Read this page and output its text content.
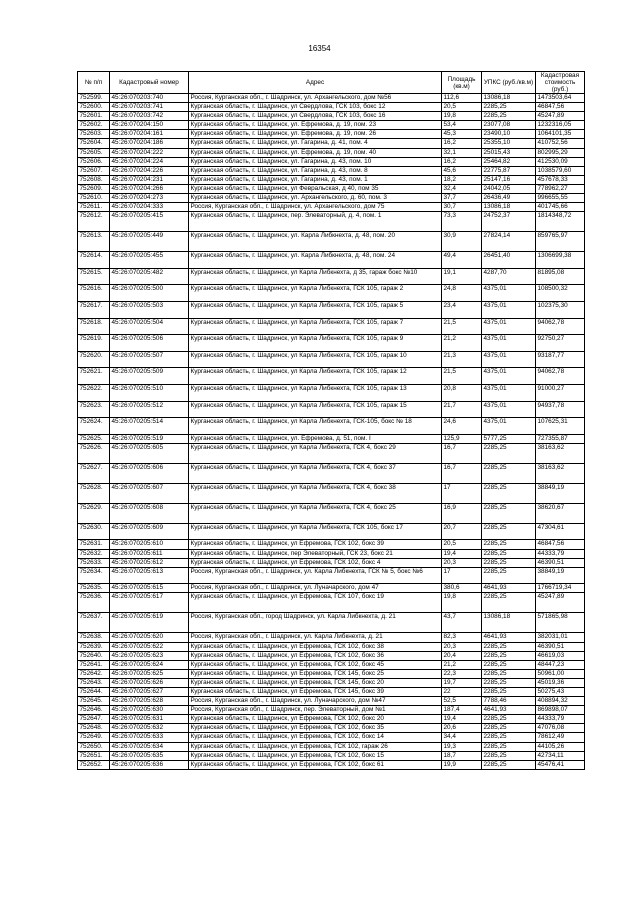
16354
№ п/п	Кадастровый номер	Адрес	Площадь (кв.м)	УПКС (руб./кв.м)	Кадастровая стоимость (руб.)
752599.	45:26:070203:740	Россия, Курганская обл., г. Шадринск, ул. Архангельского, дом №56	112,6	13086,18	1473503,64
752600.	45:26:070203:741	Курганская область, г. Шадринск, ул Свердлова, ГСК 103, бокс 12	20,5	2285,25	46847,56
752601.	45:26:070203:742	Курганская область, г. Шадринск, ул Свердлова, ГСК 103, бокс 16	19,8	2285,25	45247,89
752602.	45:26:070204:150	Курганская область, г. Шадринск, ул. Ефремова, д. 19, пом. 23	53,4	23077,08	1232316,05
752603.	45:26:070204:161	Курганская область, г. Шадринск, ул. Ефремова, д. 19, пом. 26	45,3	23490,10	1064101,35
752604.	45:26:070204:186	Курганская область, г. Шадринск, ул. Гагарина, д. 41, пом. 4	16,2	25355,10	410752,56
752605.	45:26:070204:222	Курганская область, г. Шадринск, ул. Ефремова, д. 19, пом. 40	32,1	25015,43	802995,29
752606.	45:26:070204:224	Курганская область, г. Шадринск, ул. Гагарина, д. 43, пом. 10	16,2	25464,82	412530,09
752607.	45:26:070204:226	Курганская область, г. Шадринск, ул. Гагарина, д. 43, пом. 8	45,6	22775,87	1038579,60
752608.	45:26:070204:231	Курганская область, г. Шадринск, ул. Гагарина, д. 43, пом. 1	18,2	25147,16	457678,33
752609.	45:26:070204:266	Курганская область, г. Шадринск, ул Февральская, д 40, пом 35	32,4	24042,05	778962,27
752610.	45:26:070204:273	Курганская область, г. Шадринск, ул. Архангельского, д. 60, пом. 3	37,7	26436,49	996655,55
752611.	45:26:070204:333	Россия, Курганская обл., г. Шадринск, ул. Архангельского, дом 75	30,7	13086,18	401745,66
752612.	45:26:070205:415	Курганская область, г. Шадринск, пер. Элеваторный, д. 4, пом. 1	73,3	24752,37	1814348,72
752613.	45:26:070205:449	Курганская область, г. Шадринск, ул. Карла Либкнехта, д. 48, пом. 20	30,9	27824,14	859765,97
752614.	45:26:070205:455	Курганская область, г. Шадринск, ул. Карла Либкнехта, д. 48, пом. 24	49,4	26451,40	1306699,38
752615.	45:26:070205:482	Курганская область, г. Шадринск, ул Карла Либкнехта, д 35, гараж бокс №10	19,1	4287,70	81895,08
752616.	45:26:070205:500	Курганская область, г. Шадринск, ул Карла Либкнехта, ГСК 105, гараж 2	24,8	4375,01	108500,32
752617.	45:26:070205:503	Курганская область, г. Шадринск, ул Карла Либкнехта, ГСК 105, гараж 5	23,4	4375,01	102375,30
752618.	45:26:070205:504	Курганская область, г. Шадринск, ул Карла Либкнехта, ГСК 105, гараж 7	21,5	4375,01	94062,78
752619.	45:26:070205:506	Курганская область, г. Шадринск, ул Карла Либкнехта, ГСК 105, гараж 9	21,2	4375,01	92750,27
752620.	45:26:070205:507	Курганская область, г. Шадринск, ул Карла Либкнехта, ГСК 105, гараж 10	21,3	4375,01	93187,77
752621.	45:26:070205:509	Курганская область, г. Шадринск, ул Карла Либкнехта, ГСК 105, гараж 12	21,5	4375,01	94062,78
752622.	45:26:070205:510	Курганская область, г. Шадринск, ул Карла Либкнехта, ГСК 105, гараж 13	20,8	4375,01	91000,27
752623.	45:26:070205:512	Курганская область, г. Шадринск, ул Карла Либкнехта, ГСК 105, гараж 15	21,7	4375,01	94937,78
752624.	45:26:070205:514	Курганская область, г. Шадринск, ул Карла Либкнехта, ГСК-105, бокс № 18	24,6	4375,01	107625,31
752625.	45:26:070205:519	Курганская область, г. Шадринск, ул. Ефремова, д. 51, пом. I	125,9	5777,25	727355,87
752626.	45:26:070205:605	Курганская область, г. Шадринск, ул Карла Либкнехта, ГСК 4, бокс 29	16,7	2285,25	38163,62
752627.	45:26:070205:606	Курганская область, г. Шадринск, ул Карла Либкнехта, ГСК 4, бокс 37	16,7	2285,25	38163,62
752628.	45:26:070205:607	Курганская область, г. Шадринск, ул Карла Либкнехта, ГСК 4, бокс 38	17	2285,25	38849,19
752629.	45:26:070205:608	Курганская область, г. Шадринск, ул Карла Либкнехта, ГСК 4, бокс 25	16,9	2285,25	38620,67
752630.	45:26:070205:609	Курганская область, г. Шадринск, ул Карла Либкнехта, ГСК 105, бокс 17	20,7	2285,25	47304,61
752631.	45:26:070205:610	Курганская область, г. Шадринск, ул Ефремова, ГСК 102, бокс 39	20,5	2285,25	46847,56
752632.	45:26:070205:611	Курганская область, г. Шадринск, пер Элеваторный, ГСК 23, бокс 21	19,4	2285,25	44333,79
752633.	45:26:070205:612	Курганская область, г. Шадринск, ул Ефремова, ГСК 102, бокс 4	20,3	2285,25	46390,51
752634.	45:26:070205:613	Россия, Курганская обл., г. Шадринск, ул. Карла Либкнехта, ГСК № 5, бокс №6	17	2285,25	38849,19
752635.	45:26:070205:615	Россия, Курганская обл., г. Шадринск, ул. Луначарского, дом 47	380,6	4641,93	1766719,34
752636.	45:26:070205:617	Курганская область, г. Шадринск, ул Ефремова, ГСК 107, бокс 19	19,8	2285,25	45247,89
752637.	45:26:070205:619	Россия, Курганская обл., город Шадринск, ул. Карла Либкнехта, д. 21	43,7	13086,18	571865,98
752638.	45:26:070205:620	Россия, Курганская обл., г. Шадринск, ул. Карла Либкнехта, д. 21	82,3	4641,93	382031,01
752639.	45:26:070205:622	Курганская область, г. Шадринск, ул Ефремова, ГСК 102, бокс 38	20,3	2285,25	46390,51
752640.	45:26:070205:623	Курганская область, г. Шадринск, ул Ефремова, ГСК 102, бокс 36	20,4	2285,25	46619,03
752641.	45:26:070205:624	Курганская область, г. Шадринск, ул Ефремова, ГСК 102, бокс 45	21,2	2285,25	48447,23
752642.	45:26:070205:625	Курганская область, г. Шадринск, ул Ефремова, ГСК 145, бокс 25	22,3	2285,25	50961,00
752643.	45:26:070205:626	Курганская область, г. Шадринск, ул Ефремова, ГСК 145, бокс 20	19,7	2285,25	45019,36
752644.	45:26:070205:627	Курганская область, г. Шадринск, ул Ефремова, ГСК 145, бокс 39	22	2285,25	50275,43
752645.	45:26:070205:628	Россия, Курганская обл., г. Шадринск, ул. Луначарского, дом №47	52,5	7788,46	408894,32
752646.	45:26:070205:630	Россия, Курганская обл., г. Шадринск, пер. Элеваторный, дом №1	187,4	4641,93	869898,07
752647.	45:26:070205:631	Курганская область, г. Шадринск, ул Ефремова, ГСК 102, бокс 20	19,4	2285,25	44333,79
752648.	45:26:070205:632	Курганская область, г. Шадринск, ул Ефремова, ГСК 102, бокс 35	20,6	2285,25	47076,08
752649.	45:26:070205:633	Курганская область, г. Шадринск, ул Ефремова, ГСК 102, бокс 14	34,4	2285,25	78612,49
752650.	45:26:070205:634	Курганская область, г. Шадринск, ул Ефремова, ГСК 102, гараж 26	19,3	2285,25	44105,26
752651.	45:26:070205:635	Курганская область, г. Шадринск, ул Ефремова, ГСК 102, бокс 15	18,7	2285,25	42734,11
752652.	45:26:070205:636	Курганская область, г. Шадринск, ул Ефремова, ГСК 102, бокс 61	19,9	2285,25	45476,41
